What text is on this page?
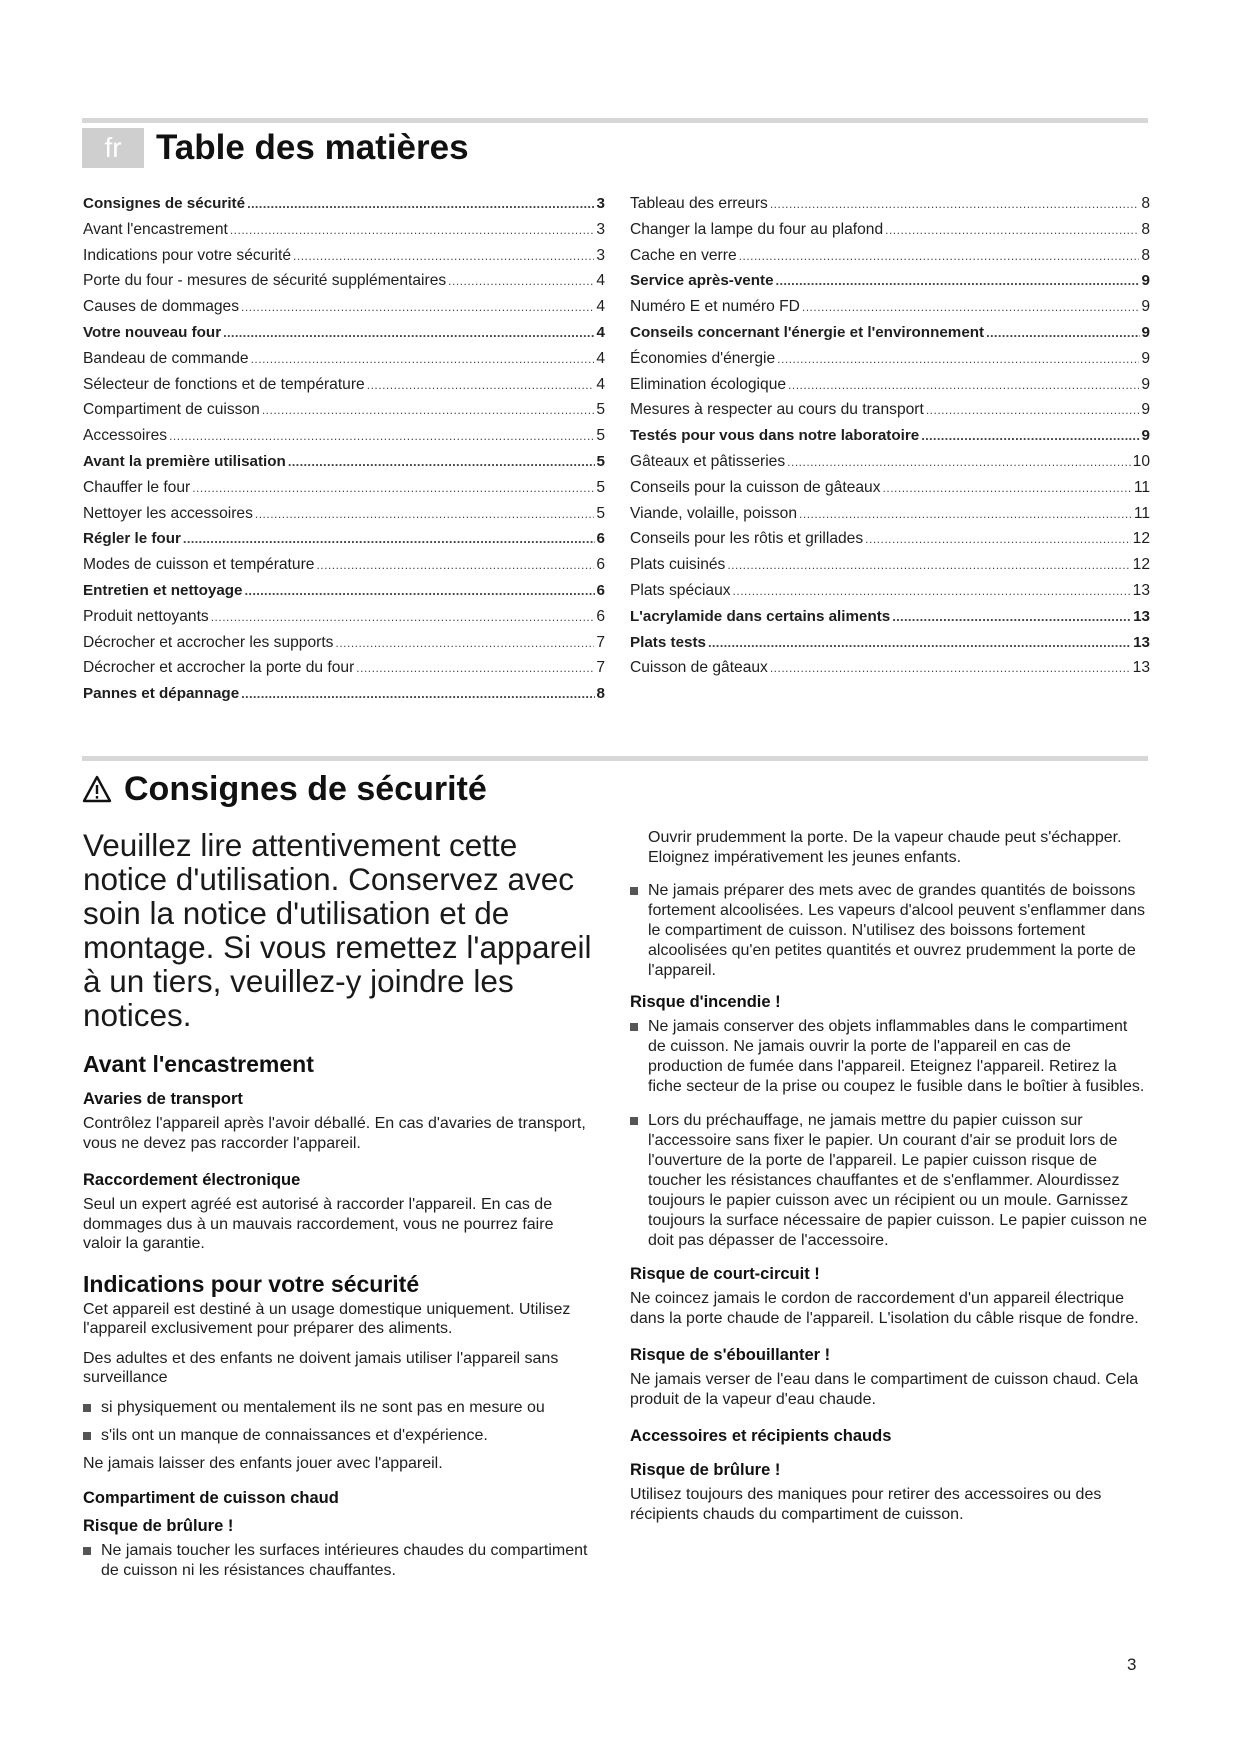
fr Table des matières
Consignes de sécurité .....	3
Avant l'encastrement .....	3
Indications pour votre sécurité .....	3
Porte du four - mesures de sécurité supplémentaires .....	4
Causes de dommages .....	4
Votre nouveau four .....	4
Bandeau de commande .....	4
Sélecteur de fonctions et de température .....	4
Compartiment de cuisson .....	5
Accessoires .....	5
Avant la première utilisation .....	5
Chauffer le four .....	5
Nettoyer les accessoires .....	5
Régler le four .....	6
Modes de cuisson et température .....	6
Entretien et nettoyage .....	6
Produit nettoyants .....	6
Décrocher et accrocher les supports .....	7
Décrocher et accrocher la porte du four .....	7
Pannes et dépannage .....	8
Tableau des erreurs .....	8
Changer la lampe du four au plafond .....	8
Cache en verre .....	8
Service après-vente .....	9
Numéro E et numéro FD .....	9
Conseils concernant l'énergie et l'environnement .....	9
Économies d'énergie .....	9
Elimination écologique .....	9
Mesures à respecter au cours du transport .....	9
Testés pour vous dans notre laboratoire .....	9
Gâteaux et pâtisseries .....	10
Conseils pour la cuisson de gâteaux .....	11
Viande, volaille, poisson .....	11
Conseils pour les rôtis et grillades .....	12
Plats cuisinés .....	12
Plats spéciaux .....	13
L'acrylamide dans certains aliments .....	13
Plats tests .....	13
Cuisson de gâteaux .....	13
Consignes de sécurité

Veuillez lire attentivement cette notice d'utilisation. Conservez avec soin la notice d'utilisation et de montage. Si vous remettez l'appareil à un tiers, veuillez-y joindre les notices.

Avant l'encastrement
Avaries de transport

Contrôlez l'appareil après l'avoir déballé. En cas d'avaries de transport, vous ne devez pas raccorder l'appareil.

Raccordement électronique

Seul un expert agréé est autorisé à raccorder l'appareil. En cas de dommages dus à un mauvais raccordement, vous ne pourrez faire valoir la garantie.

Indications pour votre sécurité

Cet appareil est destiné à un usage domestique uniquement. Utilisez l'appareil exclusivement pour préparer des aliments.

Des adultes et des enfants ne doivent jamais utiliser l'appareil sans surveillance

si physiquement ou mentalement ils ne sont pas en mesure ou
s'ils ont un manque de connaissances et d'expérience.

Ne jamais laisser des enfants jouer avec l'appareil.

Compartiment de cuisson chaud
Risque de brûlure !
Ne jamais toucher les surfaces intérieures chaudes du compartiment de cuisson ni les résistances chauffantes.

Ouvrir prudemment la porte. De la vapeur chaude peut s'échapper. Eloignez impérativement les jeunes enfants.

Ne jamais préparer des mets avec de grandes quantités de boissons fortement alcoolisées. Les vapeurs d'alcool peuvent s'enflammer dans le compartiment de cuisson. N'utilisez des boissons fortement alcoolisées qu'en petites quantités et ouvrez prudemment la porte de l'appareil.
Risque d'incendie !
Ne jamais conserver des objets inflammables dans le compartiment de cuisson. Ne jamais ouvrir la porte de l'appareil en cas de production de fumée dans l'appareil. Eteignez l'appareil. Retirez la fiche secteur de la prise ou coupez le fusible dans le boîtier à fusibles.
Lors du préchauffage, ne jamais mettre du papier cuisson sur l'accessoire sans fixer le papier. Un courant d'air se produit lors de l'ouverture de la porte de l'appareil. Le papier cuisson risque de toucher les résistances chauffantes et de s'enflammer. Alourdissez toujours le papier cuisson avec un récipient ou un moule. Garnissez toujours la surface nécessaire de papier cuisson. Le papier cuisson ne doit pas dépasser de l'accessoire.
Risque de court-circuit !

Ne coincez jamais le cordon de raccordement d'un appareil électrique dans la porte chaude de l'appareil. L'isolation du câble risque de fondre.

Risque de s'ébouillanter !

Ne jamais verser de l'eau dans le compartiment de cuisson chaud. Cela produit de la vapeur d'eau chaude.

Accessoires et récipients chauds
Risque de brûlure !

Utilisez toujours des maniques pour retirer des accessoires ou des récipients chauds du compartiment de cuisson.

3
